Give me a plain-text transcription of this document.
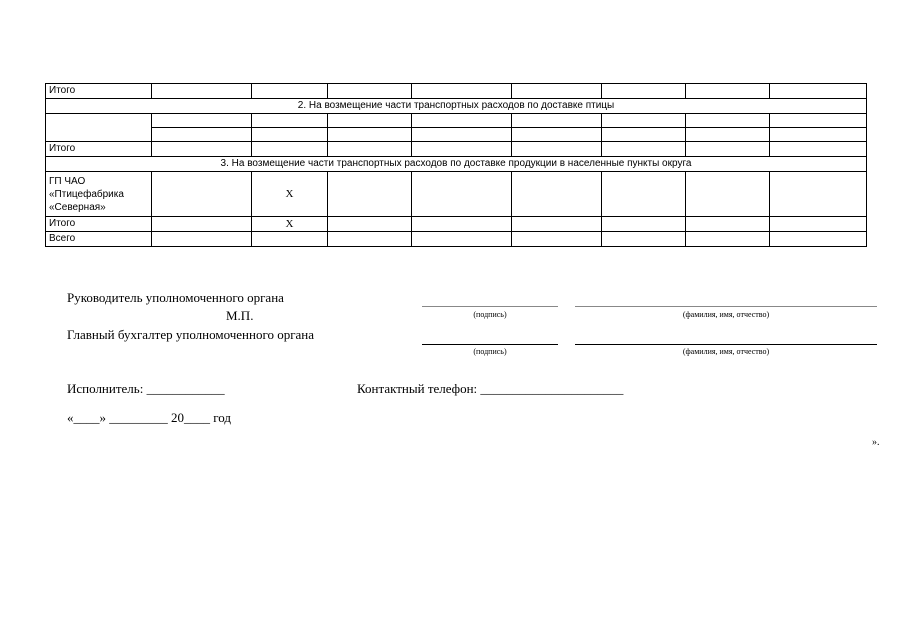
Итого								
2. На возмещение части транспортных расходов по доставке птицы								

Итого								
3. На возмещение части транспортных расходов по доставке продукции в населенные пункты округа								

ГП ЧАО
«Птицефабрика
«Северная»		Х						
Итого		Х						
Всего								
Руководитель уполномоченного органа
М.П.
Главный бухгалтер уполномоченного органа
(подпись)	(фамилия, имя, отчество)
(подпись)	(фамилия, имя, отчество)
Исполнитель: ____________	Контактный телефон: ______________________
«____» _________ 20____ год
».
